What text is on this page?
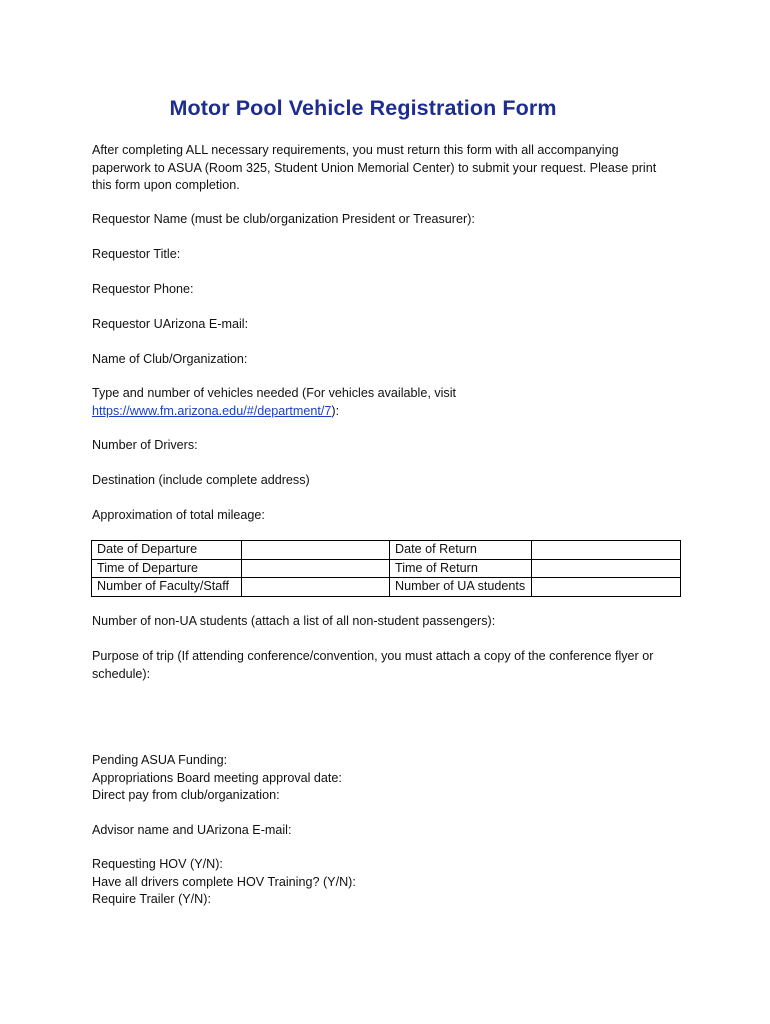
Motor Pool Vehicle Registration Form
After completing ALL necessary requirements, you must return this form with all accompanying
paperwork to ASUA (Room 325, Student Union Memorial Center) to submit your request. Please print
this form upon completion.
Requestor Name (must be club/organization President or Treasurer):
Requestor Title:
Requestor Phone:
Requestor UArizona E-mail:
Name of Club/Organization:
Type and number of vehicles needed (For vehicles available, visit
https://www.fm.arizona.edu/#/department/7):
Number of Drivers:
Destination (include complete address)
Approximation of total mileage:
Date of Departure		Date of Return	
Time of Departure		Time of Return	
Number of Faculty/Staff		Number of UA students	
Number of non-UA students (attach a list of all non-student passengers):
Purpose of trip (If attending conference/convention, you must attach a copy of the conference flyer or
schedule):
Pending ASUA Funding:
Appropriations Board meeting approval date:
Direct pay from club/organization:
Advisor name and UArizona E-mail:
Requesting HOV (Y/N):
Have all drivers complete HOV Training? (Y/N):
Require Trailer (Y/N):
